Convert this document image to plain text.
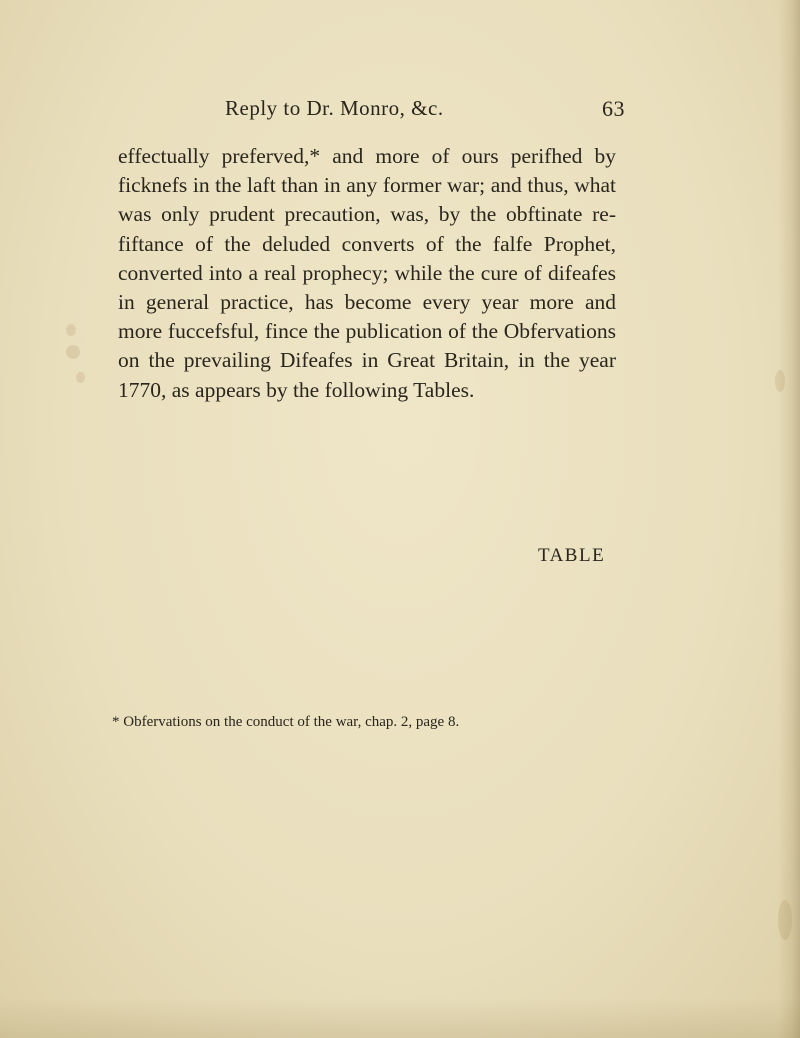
Reply to Dr. Monro, &c.	63
effectually preferved,* and more of ours perifhed by
ficknefs in the laft than in any former war; and thus, what
was only prudent precaution, was, by the obftinate re-
fiftance of the deluded converts of the falfe Prophet,
converted into a real prophecy; while the cure of difeafes
in general practice, has become every year more and
more fuccefsful, fince the publication of the Obfervations
on the prevailing Difeafes in Great Britain, in the year
1770, as appears by the following Tables.
TABLE
* Obfervations on the conduct of the war, chap. 2, page 8.
